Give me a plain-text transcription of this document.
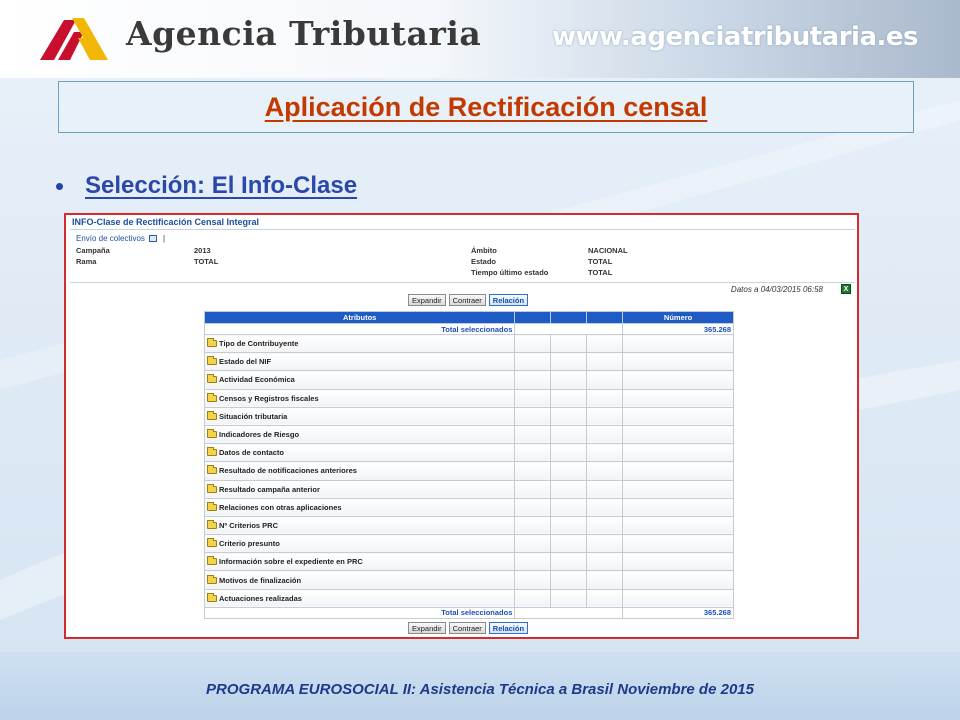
Agencia Tributaria	www.agenciatributaria.es
Aplicación de Rectificación censal
Selección: El Info-Clase
INFO-Clase de Rectificación Censal Integral
Envío de colectivos |
Campaña	2013
Rama	TOTAL
Ámbito	NACIONAL
Estado	TOTAL
Tiempo último estado	TOTAL
Datos a 04/03/2015 06:58	X
Expandir	Contraer	Relación
Atributos				Número
Total seleccionados				365.268
Tipo de Contribuyente				
Estado del NIF				
Actividad Económica				
Censos y Registros fiscales				
Situación tributaria				
Indicadores de Riesgo				
Datos de contacto				
Resultado de notificaciones anteriores				
Resultado campaña anterior				
Relaciones con otras aplicaciones				
Nº Criterios PRC				
Criterio presunto				
Información sobre el expediente en PRC				
Motivos de finalización				
Actuaciones realizadas				
Total seleccionados				365.268
Expandir	Contraer	Relación
PROGRAMA EUROSOCIAL II: Asistencia Técnica a Brasil Noviembre de 2015
